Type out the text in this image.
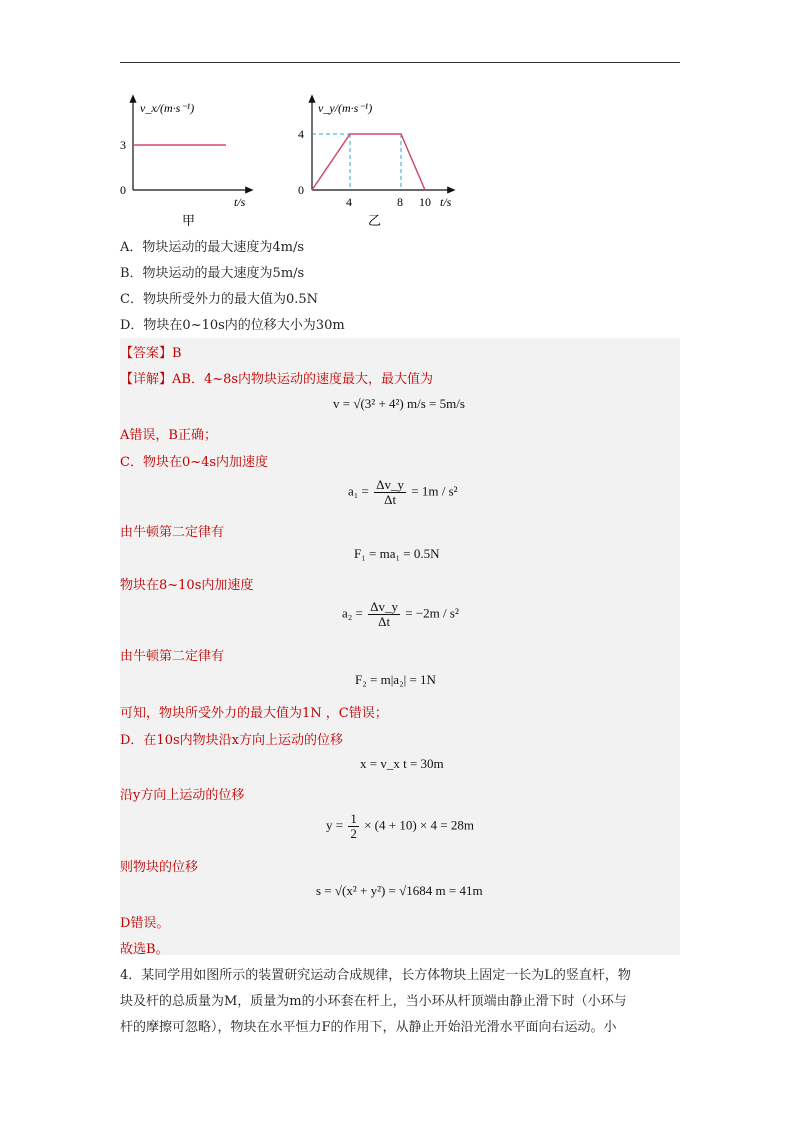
v_x/(m·s⁻¹)
3
0
t/s
甲
v_y/(m·s⁻¹)
4
0
4	8 10 t/s
乙
A．物块运动的最大速度为4m/s
B．物块运动的最大速度为5m/s
C．物块所受外力的最大值为0.5N
D．物块在0~10s内的位移大小为30m
【答案】B
【详解】AB．4~8s内物块运动的速度最大，最大值为
v = √(3² + 4²) m/s = 5m/s
A错误，B正确；
C．物块在0~4s内加速度
$a_1 = \frac{\Delta v\_y}{\Delta t} = 1m / s^2$
由牛顿第二定律有
F₁ = ma₁ = 0.5N
物块在8~10s内加速度
$a_2 = \frac{\Delta v\_y}{\Delta t} = -2m / s^2$
由牛顿第二定律有
F₂ = m|a₂| = 1N
可知，物块所受外力的最大值为1N ，C错误；
D．在10s内物块沿x方向上运动的位移
x = v_x t = 30m
沿y方向上运动的位移
$y = \frac{1}{2} \times (4 + 10) \times 4 = 28m$
则物块的位移
s = √(x² + y²) = √1684 m = 41m
D错误。
故选B。
4．某同学用如图所示的装置研究运动合成规律，长方体物块上固定一长为L的竖直杆，物
块及杆的总质量为M，质量为m的小环套在杆上，当小环从杆顶端由静止滑下时（小环与
杆的摩擦可忽略），物块在水平恒力F的作用下，从静止开始沿光滑水平面向右运动。小
